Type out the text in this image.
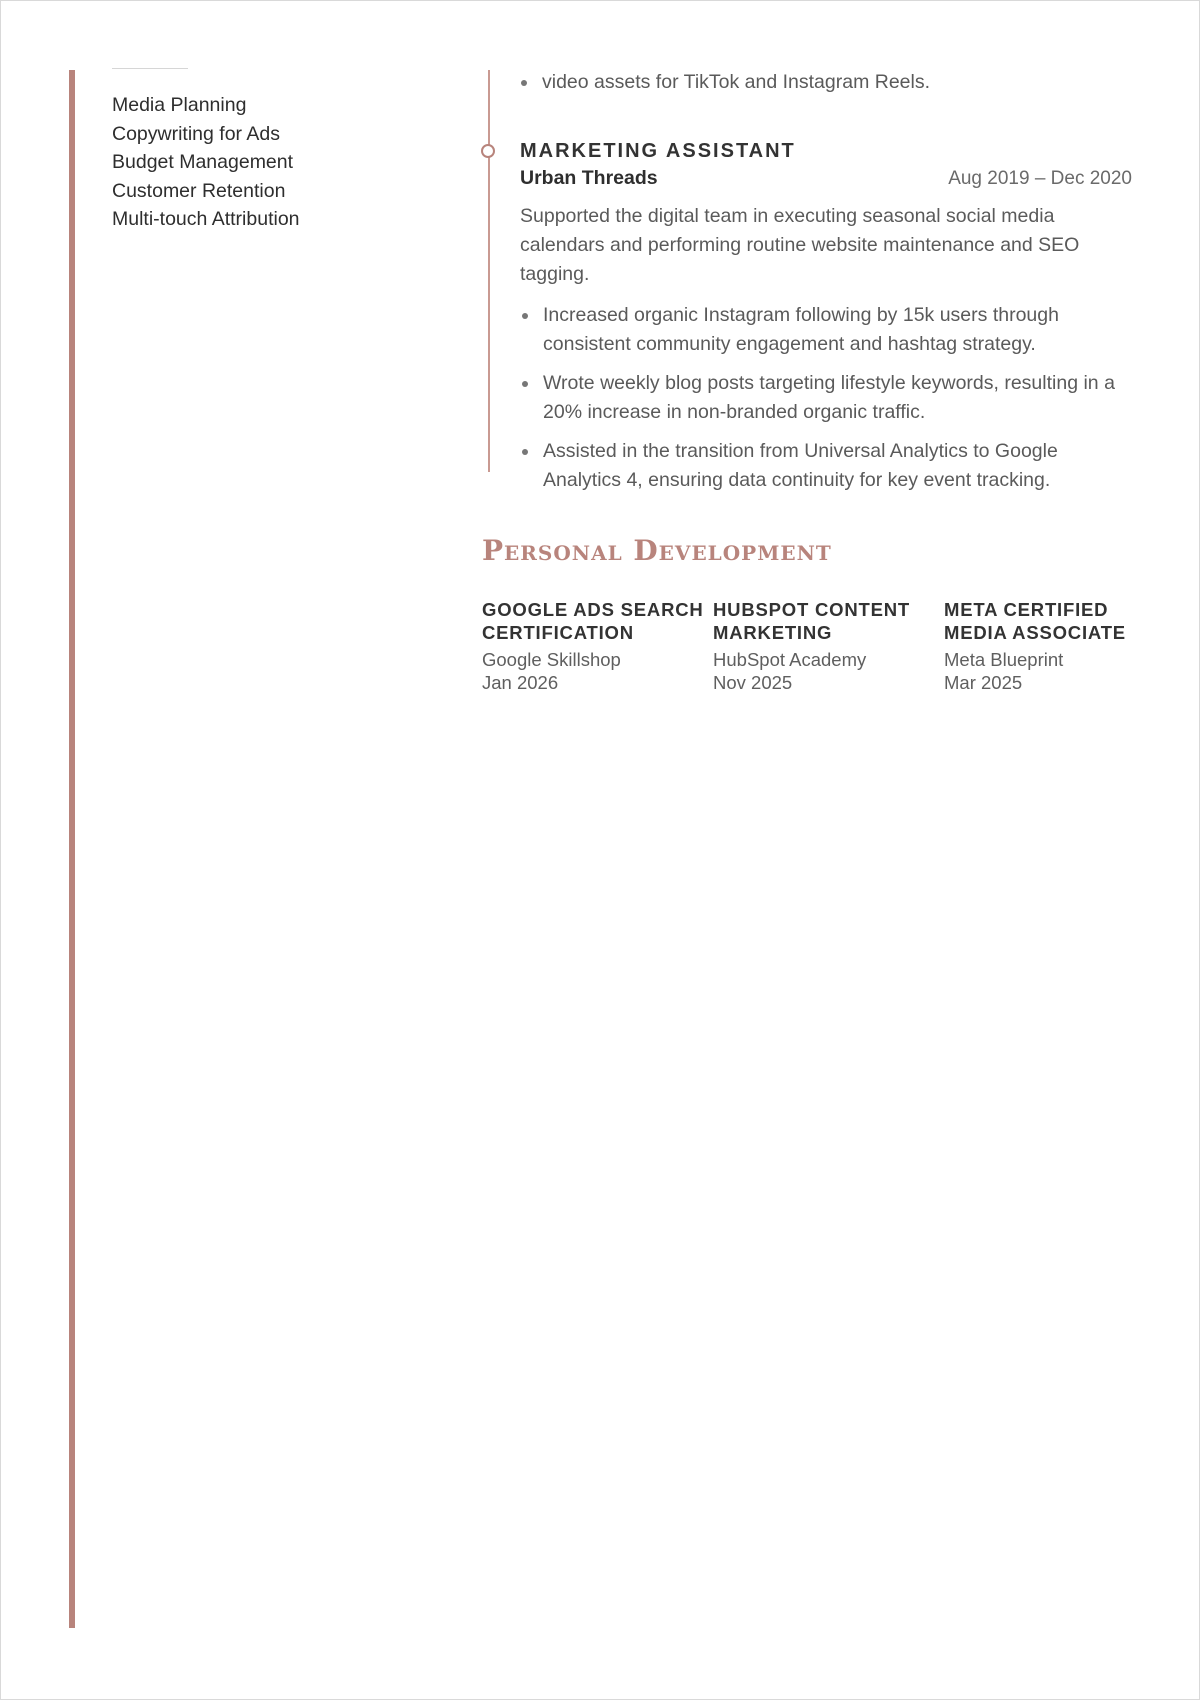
Media Planning
Copywriting for Ads
Budget Management
Customer Retention
Multi-touch Attribution
video assets for TikTok and Instagram Reels.
MARKETING ASSISTANT
Urban Threads	Aug 2019 – Dec 2020

Supported the digital team in executing seasonal social media calendars and performing routine website maintenance and SEO tagging.

Increased organic Instagram following by 15k users through consistent community engagement and hashtag strategy.
Wrote weekly blog posts targeting lifestyle keywords, resulting in a 20% increase in non-branded organic traffic.
Assisted in the transition from Universal Analytics to Google Analytics 4, ensuring data continuity for key event tracking.
Personal Development
GOOGLE ADS SEARCH CERTIFICATION
Google Skillshop
Jan 2026
HUBSPOT CONTENT MARKETING
HubSpot Academy
Nov 2025
META CERTIFIED MEDIA ASSOCIATE
Meta Blueprint
Mar 2025
